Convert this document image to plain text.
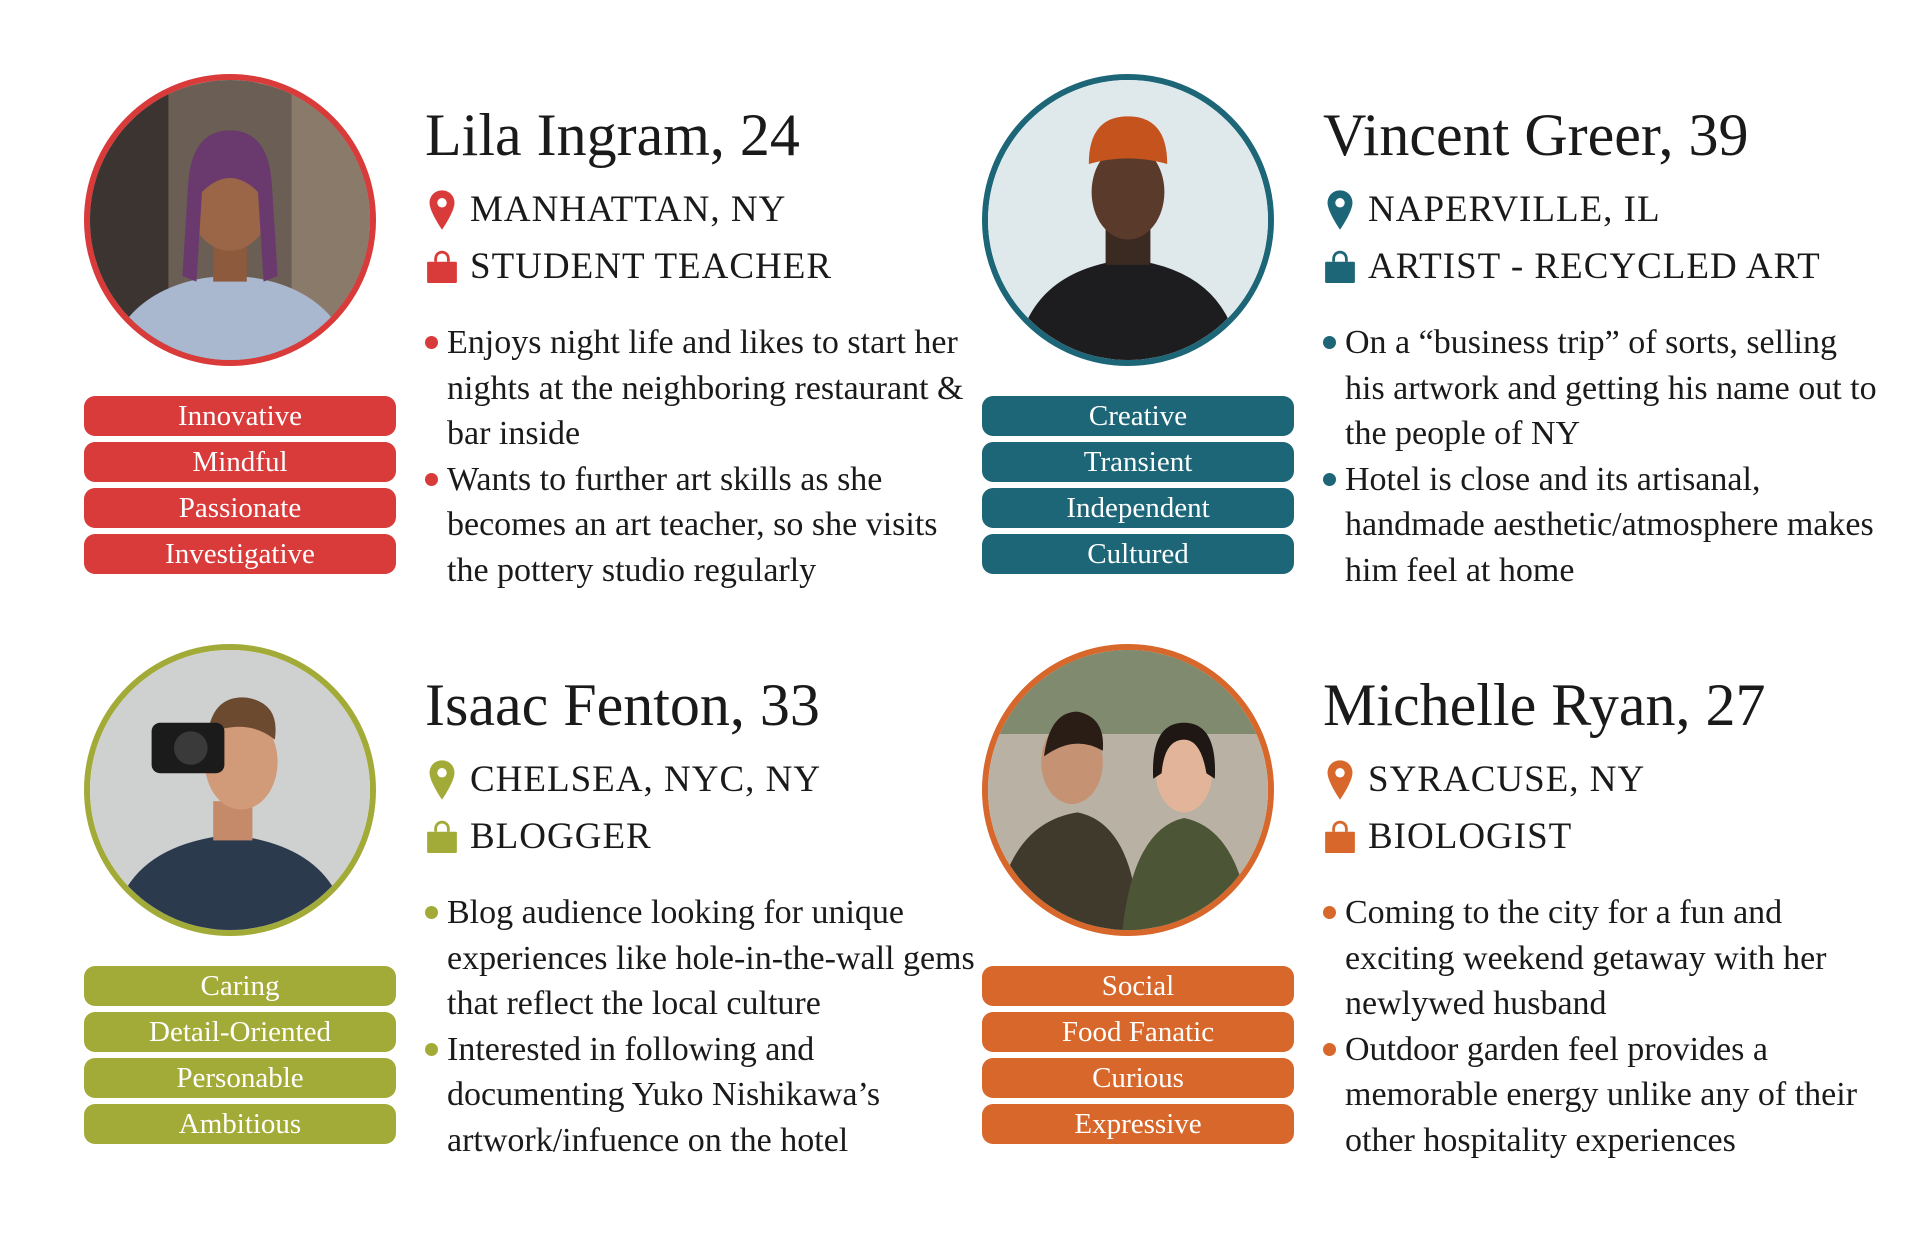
Lila Ingram, 24
MANHATTAN, NY
STUDENT TEACHER
Enjoys night life and likes to start her nights at the neighboring restaurant & bar inside
Wants to further art skills as she becomes an art teacher, so she visits the pottery studio regularly
Innovative
Mindful
Passionate
Investigative
Vincent Greer, 39
NAPERVILLE, IL
ARTIST - RECYCLED ART
On a “business trip” of sorts, selling his artwork and getting his name out to the people of NY
Hotel is close and its artisanal, handmade aesthetic/atmosphere makes him feel at home
Creative
Transient
Independent
Cultured
Isaac Fenton, 33
CHELSEA, NYC, NY
BLOGGER
Blog audience looking for unique experiences like hole-in-the-wall gems that reflect the local culture
Interested in following and documenting Yuko Nishikawa’s artwork/infuence on the hotel
Caring
Detail-Oriented
Personable
Ambitious
Michelle Ryan, 27
SYRACUSE, NY
BIOLOGIST
Coming to the city for a fun and exciting weekend getaway with her newlywed husband
Outdoor garden feel provides a memorable energy unlike any of their other hospitality experiences
Social
Food Fanatic
Curious
Expressive
